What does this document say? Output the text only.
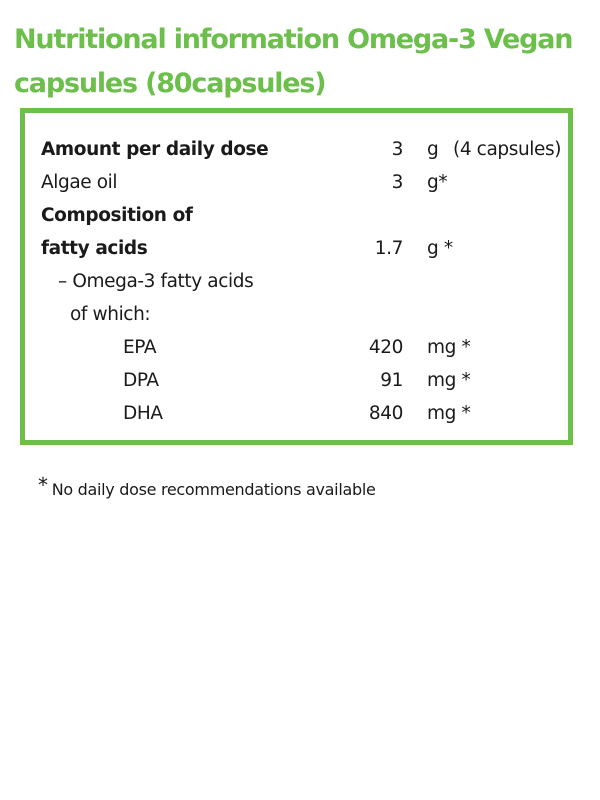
Nutritional information Omega-3 Vegan capsules (80capsules)
Amount per daily dose	3 g (4 capsules)
Algae oil	3 g*
Composition of
fatty acids	1.7 g *
– Omega-3 fatty acids
of which:
EPA	420 mg *
DPA	91 mg *
DHA	840 mg *
* No daily dose recommendations available
